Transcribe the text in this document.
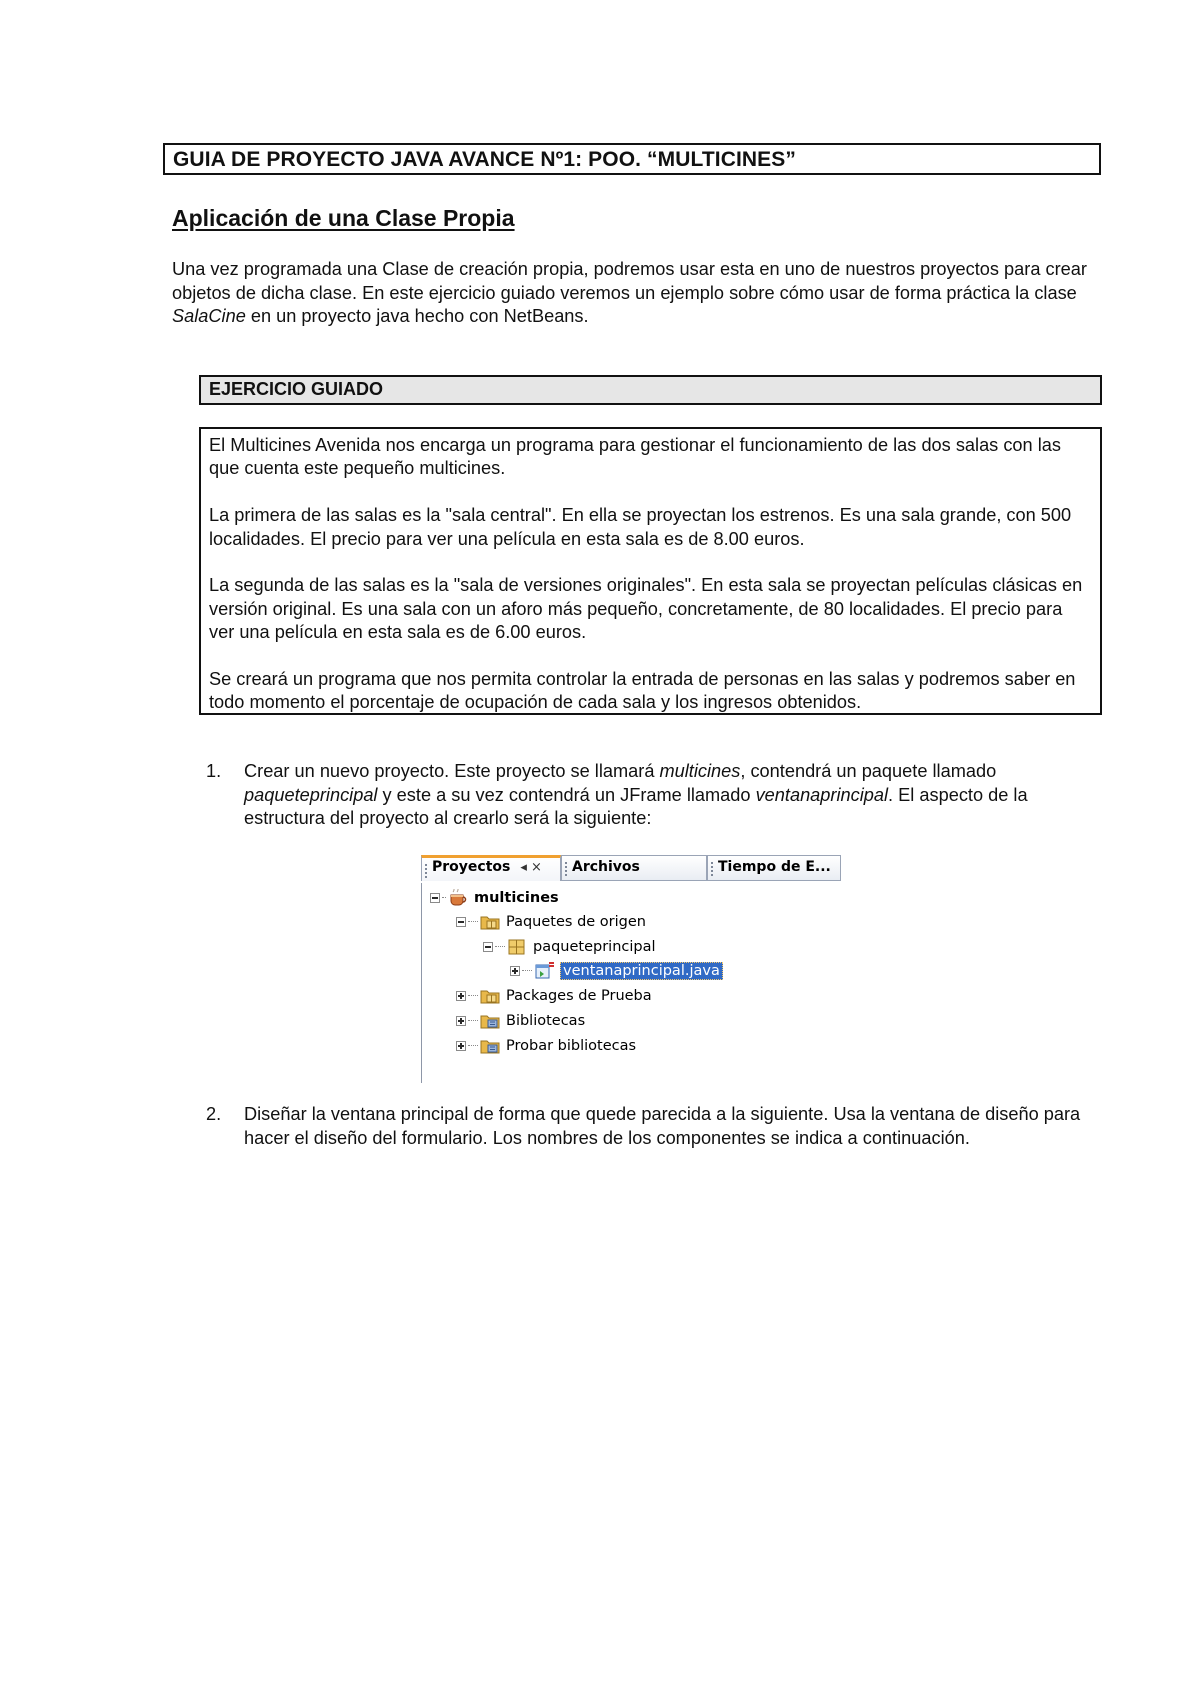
GUIA DE PROYECTO JAVA AVANCE Nº1: POO. “MULTICINES”
Aplicación de una Clase Propia
Una vez programada una Clase de creación propia, podremos usar esta en uno de nuestros proyectos para crear objetos de dicha clase. En este ejercicio guiado veremos un ejemplo sobre cómo usar de forma práctica la clase SalaCine en un proyecto java hecho con NetBeans.
EJERCICIO GUIADO

El Multicines Avenida nos encarga un programa para gestionar el funcionamiento de las dos salas con las que cuenta este pequeño multicines.

La primera de las salas es la "sala central". En ella se proyectan los estrenos. Es una sala grande, con 500 localidades. El precio para ver una película en esta sala es de 8.00 euros.

La segunda de las salas es la "sala de versiones originales". En esta sala se proyectan películas clásicas en versión original. Es una sala con un aforo más pequeño, concretamente, de 80 localidades. El precio para ver una película en esta sala es de 6.00 euros.

Se creará un programa que nos permita controlar la entrada de personas en las salas y podremos saber en todo momento el porcentaje de ocupación de cada sala y los ingresos obtenidos.

1. Crear un nuevo proyecto. Este proyecto se llamará multicines, contendrá un paquete llamado paqueteprincipal y este a su vez contendrá un JFrame llamado ventanaprincipal. El aspecto de la estructura del proyecto al crearlo será la siguiente:
Proyectos ◂ ×	Archivos	Tiempo de E...
multicines
Paquetes de origen
paqueteprincipal
ventanaprincipal.java
Packages de Prueba
Bibliotecas
Probar bibliotecas
2. Diseñar la ventana principal de forma que quede parecida a la siguiente. Usa la ventana de diseño para hacer el diseño del formulario. Los nombres de los componentes se indica a continuación.
